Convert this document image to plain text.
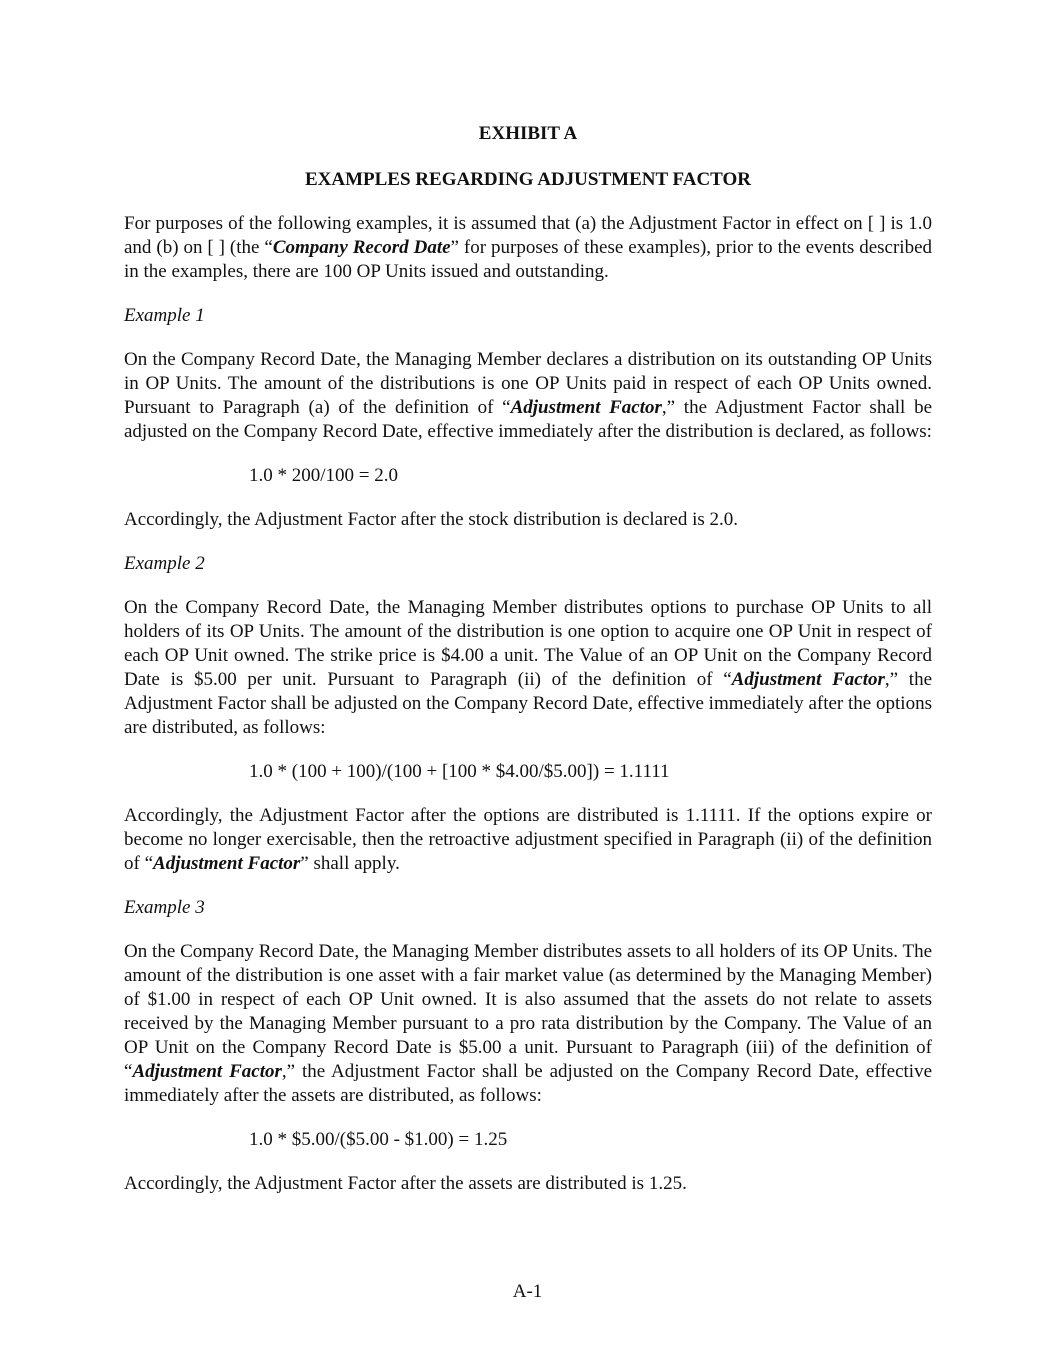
EXHIBIT A

EXAMPLES REGARDING ADJUSTMENT FACTOR

For purposes of the following examples, it is assumed that (a) the Adjustment Factor in effect on [ ] is 1.0 and (b) on [ ] (the “Company Record Date” for purposes of these examples), prior to the events described in the examples, there are 100 OP Units issued and outstanding.

Example 1

On the Company Record Date, the Managing Member declares a distribution on its outstanding OP Units in OP Units. The amount of the distributions is one OP Units paid in respect of each OP Units owned. Pursuant to Paragraph (a) of the definition of “Adjustment Factor,” the Adjustment Factor shall be adjusted on the Company Record Date, effective immediately after the distribution is declared, as follows:

1.0 * 200/100 = 2.0

Accordingly, the Adjustment Factor after the stock distribution is declared is 2.0.

Example 2

On the Company Record Date, the Managing Member distributes options to purchase OP Units to all holders of its OP Units. The amount of the distribution is one option to acquire one OP Unit in respect of each OP Unit owned. The strike price is $4.00 a unit. The Value of an OP Unit on the Company Record Date is $5.00 per unit. Pursuant to Paragraph (ii) of the definition of “Adjustment Factor,” the Adjustment Factor shall be adjusted on the Company Record Date, effective immediately after the options are distributed, as follows:

1.0 * (100 + 100)/(100 + [100 * $4.00/$5.00]) = 1.1111

Accordingly, the Adjustment Factor after the options are distributed is 1.1111. If the options expire or become no longer exercisable, then the retroactive adjustment specified in Paragraph (ii) of the definition of “Adjustment Factor” shall apply.

Example 3

On the Company Record Date, the Managing Member distributes assets to all holders of its OP Units. The amount of the distribution is one asset with a fair market value (as determined by the Managing Member) of $1.00 in respect of each OP Unit owned. It is also assumed that the assets do not relate to assets received by the Managing Member pursuant to a pro rata distribution by the Company. The Value of an OP Unit on the Company Record Date is $5.00 a unit. Pursuant to Paragraph (iii) of the definition of “Adjustment Factor,” the Adjustment Factor shall be adjusted on the Company Record Date, effective immediately after the assets are distributed, as follows:

1.0 * $5.00/($5.00 - $1.00) = 1.25

Accordingly, the Adjustment Factor after the assets are distributed is 1.25.

A-1
